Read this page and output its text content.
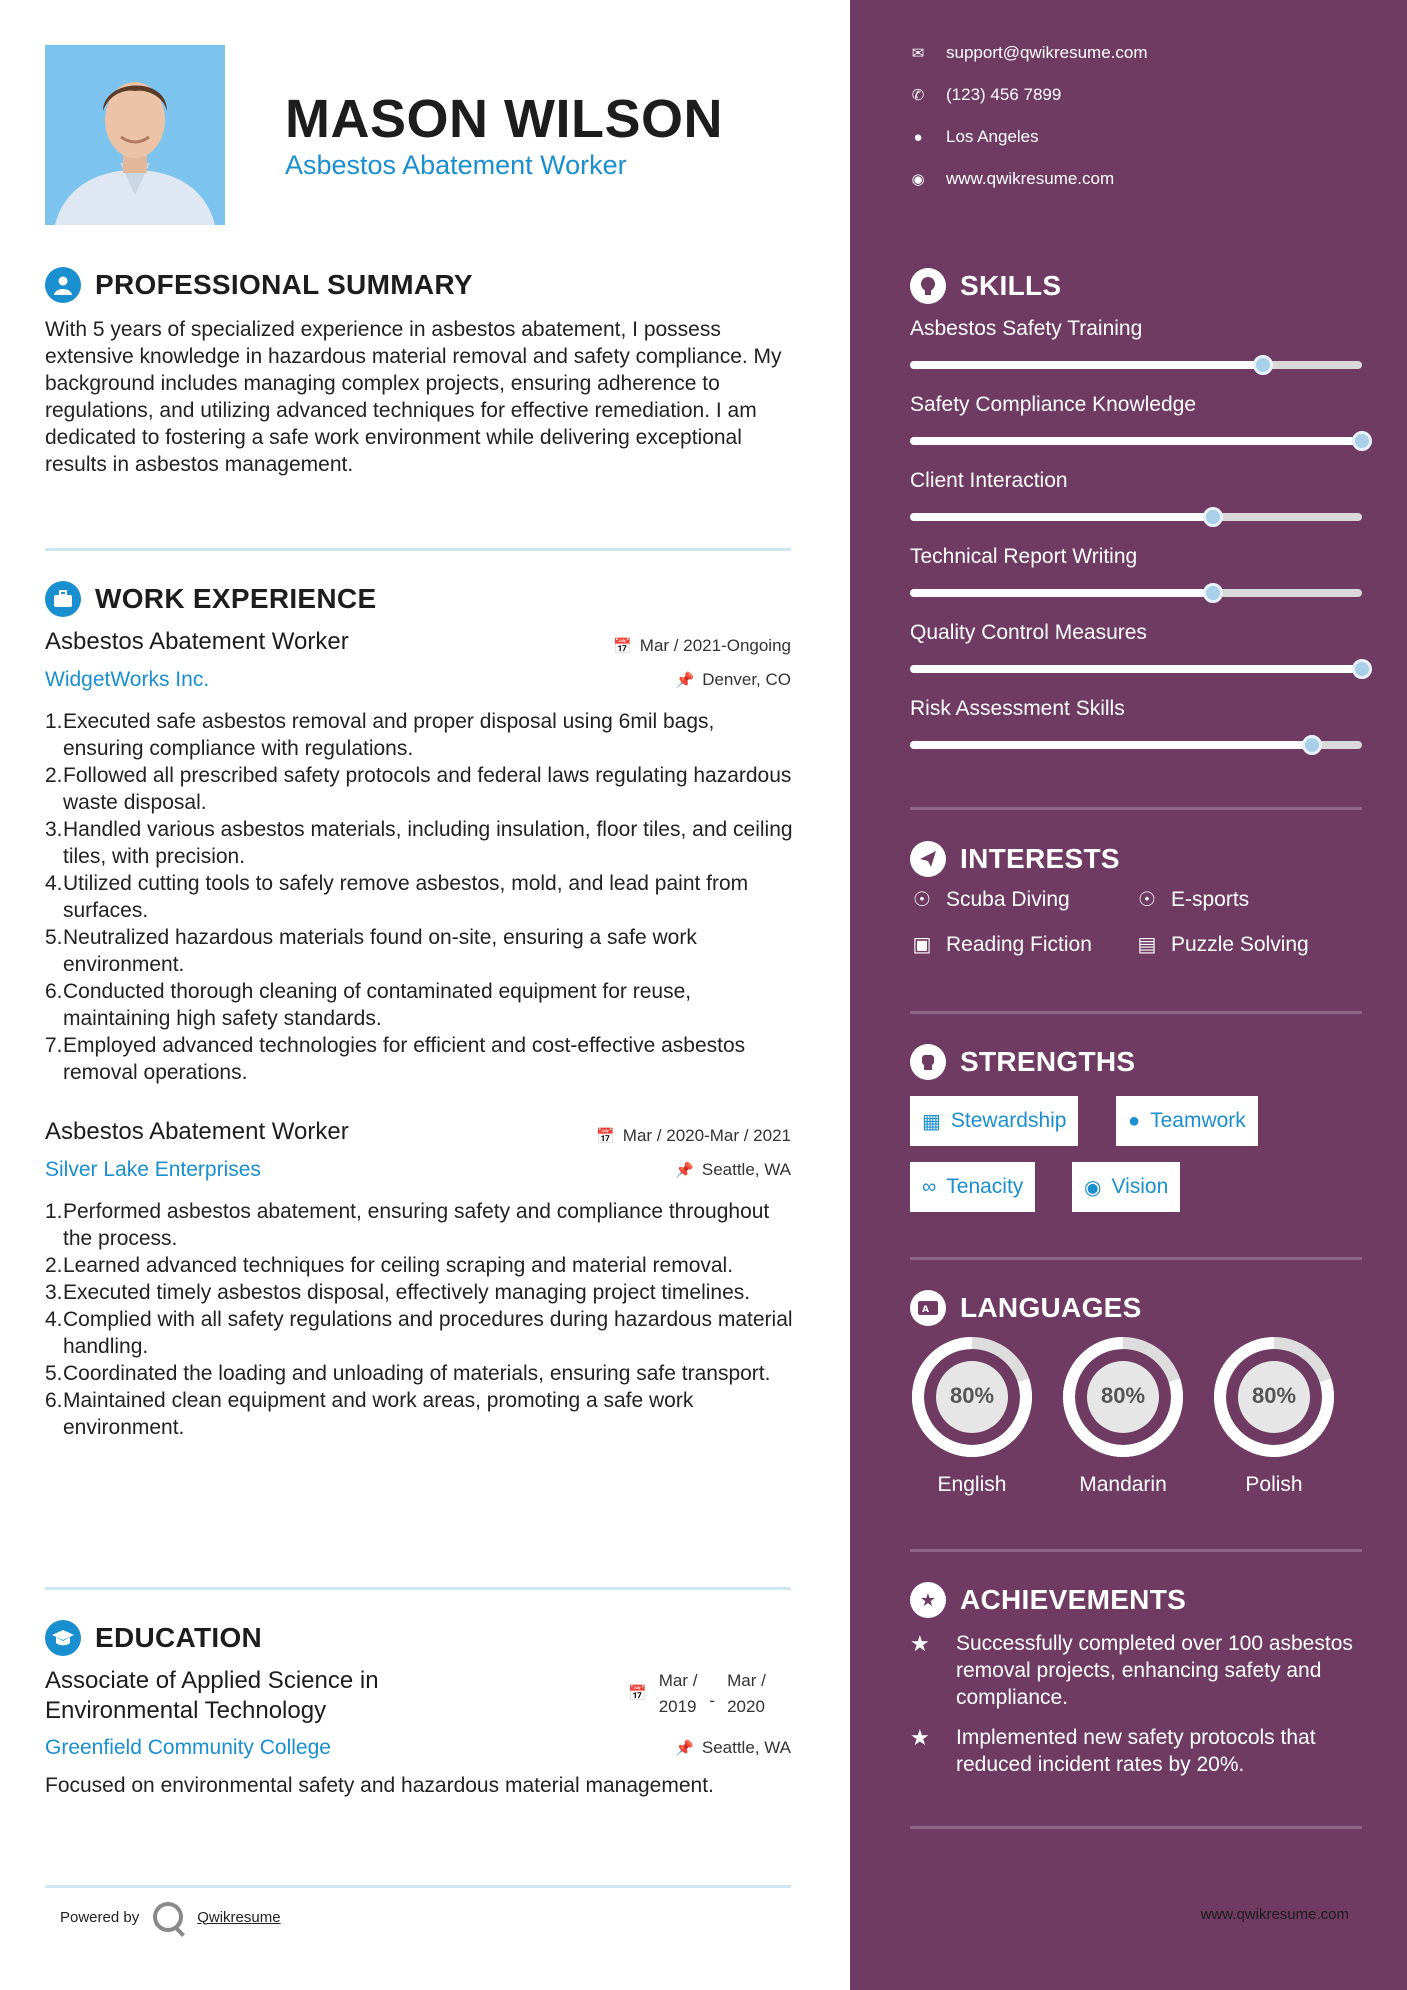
MASON WILSON
Asbestos Abatement Worker
PROFESSIONAL SUMMARY
With 5 years of specialized experience in asbestos abatement, I possess extensive knowledge in hazardous material removal and safety compliance. My background includes managing complex projects, ensuring adherence to regulations, and utilizing advanced techniques for effective remediation. I am dedicated to fostering a safe work environment while delivering exceptional results in asbestos management.
WORK EXPERIENCE
Asbestos Abatement Worker	📅 Mar / 2021-Ongoing
WidgetWorks Inc.	📌 Denver, CO
1. Executed safe asbestos removal and proper disposal using 6mil bags, ensuring compliance with regulations.
2. Followed all prescribed safety protocols and federal laws regulating hazardous waste disposal.
3. Handled various asbestos materials, including insulation, floor tiles, and ceiling tiles, with precision.
4. Utilized cutting tools to safely remove asbestos, mold, and lead paint from surfaces.
5. Neutralized hazardous materials found on-site, ensuring a safe work environment.
6. Conducted thorough cleaning of contaminated equipment for reuse, maintaining high safety standards.
7. Employed advanced technologies for efficient and cost-effective asbestos removal operations.
Asbestos Abatement Worker	📅 Mar / 2020-Mar / 2021
Silver Lake Enterprises	📌 Seattle, WA
1. Performed asbestos abatement, ensuring safety and compliance throughout the process.
2. Learned advanced techniques for ceiling scraping and material removal.
3. Executed timely asbestos disposal, effectively managing project timelines.
4. Complied with all safety regulations and procedures during hazardous material handling.
5. Coordinated the loading and unloading of materials, ensuring safe transport.
6. Maintained clean equipment and work areas, promoting a safe work environment.
EDUCATION
Associate of Applied Science in Environmental Technology
📅
Mar /
2019 -
Mar /
2020
Greenfield Community College	📌 Seattle, WA
Focused on environmental safety and hazardous material management.
Powered by	Qwikresume
✉ support@qwikresume.com
✆ (123) 456 7899
● Los Angeles
◉ www.qwikresume.com
SKILLS
Asbestos Safety Training
Safety Compliance Knowledge
Client Interaction
Technical Report Writing
Quality Control Measures
Risk Assessment Skills
INTERESTS
☉ Scuba Diving	☉ E-sports
▣ Reading Fiction ▤ Puzzle Solving
STRENGTHS
▦ Stewardship	● Teamwork
∞ Tenacity	◉ Vision
A LANGUAGES
80%
English
80%
Mandarin
80%
Polish
★ ACHIEVEMENTS
★	Successfully completed over 100 asbestos removal projects, enhancing safety and compliance.
★	Implemented new safety protocols that reduced incident rates by 20%.
www.qwikresume.com
